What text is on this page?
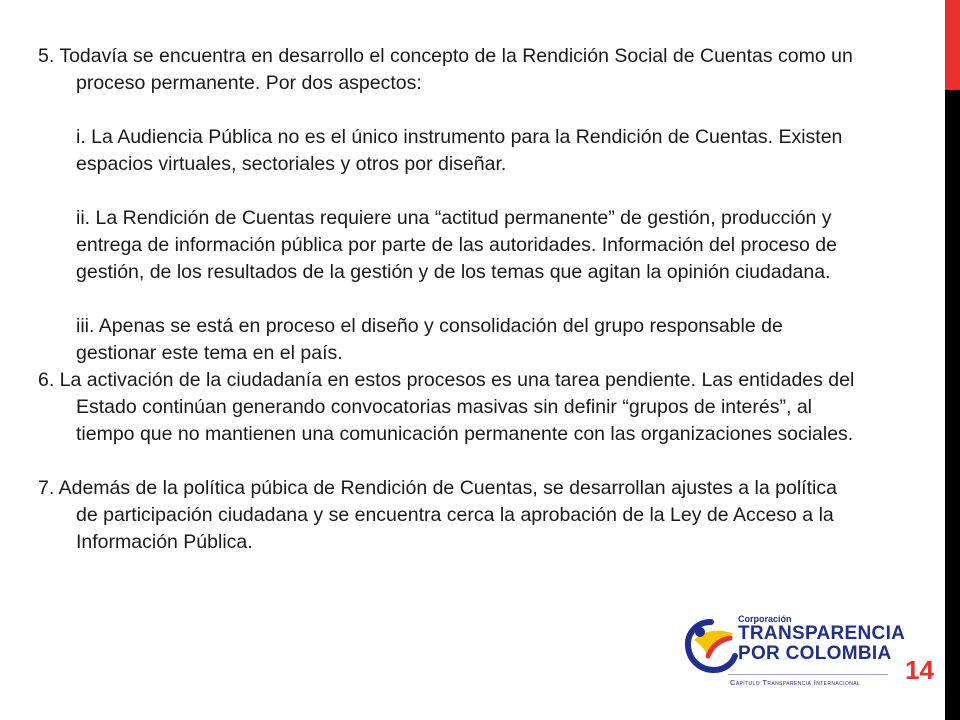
5. Todavía se encuentra en desarrollo el concepto de la Rendición Social de Cuentas como un proceso permanente. Por dos aspectos:

i. La Audiencia Pública no es el único instrumento para la Rendición de Cuentas. Existen espacios virtuales, sectoriales y otros por diseñar.

ii. La Rendición de Cuentas requiere una “actitud permanente” de gestión, producción y entrega de información pública por parte de las autoridades. Información del proceso de gestión, de los resultados de la gestión y de los temas que agitan la opinión ciudadana.

iii. Apenas se está en proceso el diseño y consolidación del grupo responsable de gestionar este tema en el país.

6. La activación de la ciudadanía en estos procesos es una tarea pendiente. Las entidades del Estado continúan generando convocatorias masivas sin definir “grupos de interés”, al tiempo que no mantienen una comunicación permanente con las organizaciones sociales.

7. Además de la política púbica de Rendición de Cuentas, se desarrollan ajustes a la política de participación ciudadana y se encuentra cerca la aprobación de la Ley de Acceso a la Información Pública.

Corporación
TRANSPARENCIA
POR COLOMBIA
Capítulo Transparencia Internacional 14
